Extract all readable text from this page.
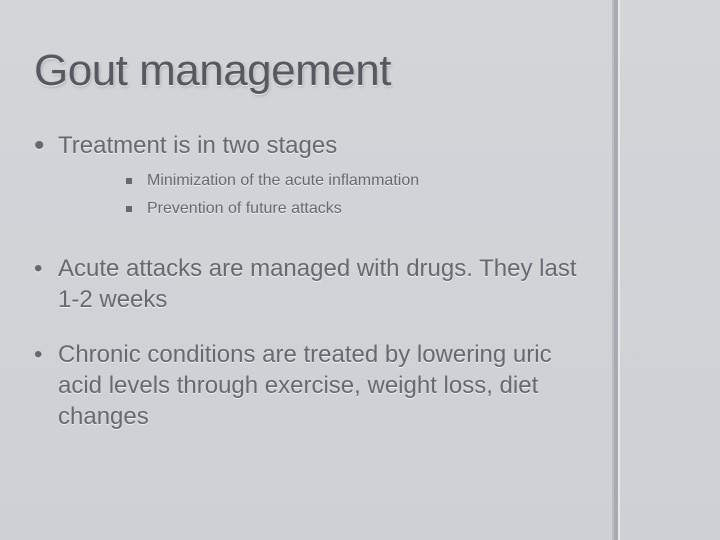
Gout management
• Treatment is in two stages
Minimization of the acute inflammation
Prevention of future attacks
• Acute attacks are managed with drugs. They last 1-2 weeks
• Chronic conditions are treated by lowering uric acid levels through exercise, weight loss, diet changes
